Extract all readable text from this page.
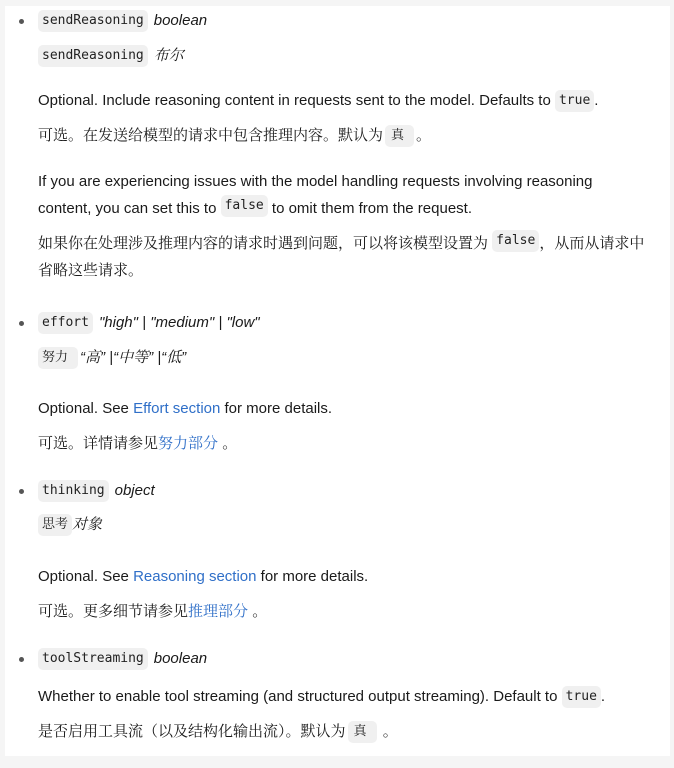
sendReasoning boolean
sendReasoning 布尔
Optional. Include reasoning content in requests sent to the model. Defaults to true .
可选。在发送给模型的请求中包含推理内容。默认为 真 。
If you are experiencing issues with the model handling requests involving reasoning content, you can set this to false to omit them from the request.
如果你在处理涉及推理内容的请求时遇到问题，可以将该模型设置为 false ，从而从请求中省略这些请求。
effort "high" | "medium" | "low"
努力 “高” |“中等” |“低”
Optional. See Effort section for more details.
可选。详情请参见努力部分 。
thinking object
思考 对象
Optional. See Reasoning section for more details.
可选。更多细节请参见推理部分 。
toolStreaming boolean
Whether to enable tool streaming (and structured output streaming). Default to true .
是否启用工具流（以及结构化输出流）。默认为 真 。
